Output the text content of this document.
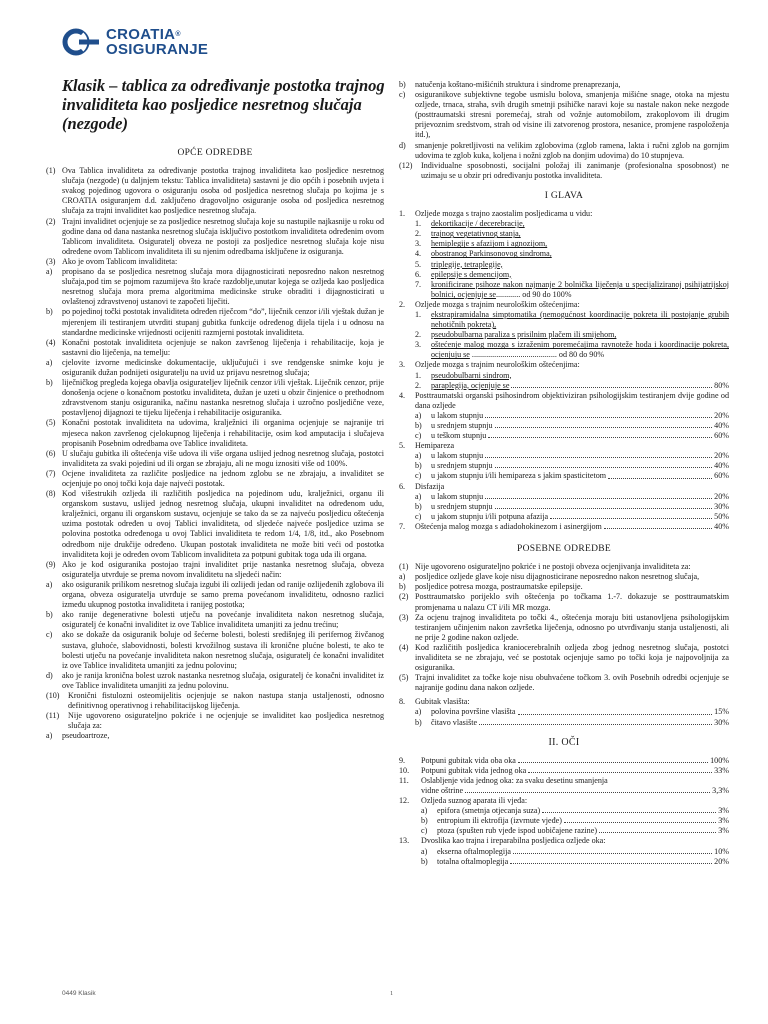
CROATIA®
OSIGURANJE
Klasik – tablica za određivanje postotka trajnog invaliditeta kao posljedice nesretnog slučaja (nezgode)
OPĆE ODREDBE
(1) Ova Tablica invaliditeta za određivanje postotka trajnog invaliditeta kao posljedice nesretnog slučaja (nezgode) (u daljnjem tekstu: Tablica invaliditeta) sastavni je dio općih i posebnih uvjeta i svakog pojedinog ugovora o osiguranju osoba od posljedica nesretnog slučaja po kojima je s CROATIA osiguranjem d.d. zaključeno dragovoljno osiguranje osoba od posljedica nesretnog slučaja za trajni invaliditet kao posljedice nesretnog slučaja.
(2) Trajni invaliditet ocjenjuje se za posljedice nesretnog slučaja koje su nastupile najkasnije u roku od godine dana od dana nastanka nesretnog slučaja isključivo postotkom invaliditeta određenim ovom Tablicom invaliditeta. Osiguratelj obveza ne postoji za posljedice nesretnog slučaja koje nisu određene ovom Tablicom invaliditeta ili su njenim odredbama isključene iz osiguranja.
(3) Ako je ovom Tablicom invaliditeta:
a)	propisano da se posljedica nesretnog slučaja mora dijagnosticirati neposredno nakon nesretnog slučaja,pod tim se pojmom razumijeva što kraće razdoblje,unutar kojega se ozljeda kao posljedica nesretnog slučaja mora prema algoritmima medicinske struke obraditi i dijagnosticirati u ovlaštenoj zdravstvenoj ustanovi te započeti liječiti.
b)	po pojedinoj točki postotak invaliditeta određen riječcom “do”, liječnik cenzor i/ili vještak dužan je mjerenjem ili testiranjem utvrditi stupanj gubitka funkcije određenog dijela tijela i u odnosu na standardne medicinske vrijednosti ocijeniti razmjerni postotak invaliditeta.
(4) Konačni postotak invaliditeta ocjenjuje se nakon završenog liječenja i rehabilitacije, koja je sastavni dio liječenja, na temelju:
a)	cjelovite izvorne medicinske dokumentacije, uključujući i sve rendgenske snimke koju je osiguranik dužan podnijeti osiguratelju na uvid uz prijavu nesretnog slučaja;
b)	liječničkog pregleda kojega obavlja osigurateljev liječnik cenzor i/ili vještak. Liječnik cenzor, prije donošenja ocjene o konačnom postotku invaliditeta, dužan je uzeti u obzir činjenice o prethodnom zdravstvenom stanju osiguranika, načinu nastanka nesretnog slučaja i uzročno posljedične veze, postavljenoj dijagnozi te tijeku liječenja i rehabilitacije osiguranika.
(5) Konačni postotak invaliditeta na udovima, kralježnici ili organima ocjenjuje se najranije tri mjeseca nakon završenog cjelokupnog liječenja i rehabilitacije, osim kod amputacija i slučajeva propisanih Posebnim odredbama ove Tablice invaliditeta.
(6) U slučaju gubitka ili oštećenja više udova ili više organa uslijed jednog nesretnog slučaja, postotci invaliditeta za svaki pojedini ud ili organ se zbrajaju, ali ne mogu iznositi više od 100%.
(7) Ocjene invaliditeta za različite posljedice na jednom zglobu se ne zbrajaju, a invaliditet se ocjenjuje po onoj točki koja daje najveći postotak.
(8) Kod višestrukih ozljeda ili različitih posljedica na pojedinom udu, kralježnici, organu ili organskom sustavu, uslijed jednog nesretnog slučaja, ukupni invaliditet na određenom udu, kralježnici, organu ili organskom sustavu, ocjenjuje se tako da se za najveću posljedicu oštećenja uzima postotak određen u ovoj Tablici invaliditeta, od sljedeće najveće posljedice uzima se polovina postotka određenoga u ovoj Tablici invaliditeta te redom 1/4, 1/8, itd., ako Posebnom odredbom nije drukčije određeno. Ukupan postotak invaliditeta ne može biti veći od postotka invaliditeta koji je određen ovom Tablicom invaliditeta za potpuni gubitak toga uda ili organa.
(9) Ako je kod osiguranika postojao trajni invaliditet prije nastanka nesretnog slučaja, obveza osiguratelja utvrđuje se prema novom invaliditetu na sljedeći način:
a)	ako osiguranik prilikom nesretnog slučaja izgubi ili ozlijedi jedan od ranije ozlijeđenih zglobova ili organa, obveza osiguratelja utvrđuje se samo prema povećanom invaliditetu, odnosno razlici između ukupnog postotka invaliditeta i ranijeg postotka;
b)	ako ranije degenerativne bolesti utječu na povećanje invaliditeta nakon nesretnog slučaja, osiguratelj će konačni invaliditet iz ove Tablice invaliditeta umanjiti za jednu trećinu;
c)	ako se dokaže da osiguranik boluje od šećerne bolesti, bolesti središnjeg ili perifernog živčanog sustava, gluhoće, slabovidnosti, bolesti krvožilnog sustava ili kronične plućne bolesti, te ako te bolesti utječu na povećanje invaliditeta nakon nesretnog slučaja, osiguratelj će konačni invaliditet iz ove Tablice invaliditeta umanjiti za jednu polovinu;
d)	ako je ranija kronična bolest uzrok nastanka nesretnog slučaja, osiguratelj će konačni invaliditet iz ove Tablice invaliditeta umanjiti za jednu polovinu.
(10)	Kronični fistulozni osteomijelitis ocjenjuje se nakon nastupa stanja ustaljenosti, odnosno definitivnog operativnog i rehabilitacijskog liječenja.
(11)	Nije ugovoreno osigurateljno pokriće i ne ocjenjuje se invaliditet kao posljedica nesretnog slučaja za:
a)	pseudoartroze,
b)	natučenja koštano-mišićnih struktura i sindrome prenaprezanja,
c)	osiguranikove subjektivne tegobe usmislu bolova, smanjenja mišićne snage, otoka na mjestu ozljede, trnaca, straha, svih drugih smetnji psihičke naravi koje su nastale nakon neke nezgode (posttraumatski stresni poremećaj, strah od vožnje automobilom, zrakoplovom ili drugim prijevoznim sredstvom, strah od visine ili zatvorenog prostora, nesanice, promjene raspoloženja itd.),
d)	smanjenje pokretljivosti na velikim zglobovima (zglob ramena, lakta i ručni zglob na gornjim udovima te zglob kuka, koljena i nožni zglob na donjim udovima) do 10 stupnjeva.
(12)	Individualne sposobnosti, socijalni položaj ili zanimanje (profesionalna sposobnost) ne uzimaju se u obzir pri određivanju postotka invaliditeta.
I GLAVA
1.	Ozljede mozga s trajno zaostalim posljedicama u vidu:
1.	dekortikacije / decerebracije,
2.	trajnog vegetativnog stanja,
3.	hemiplegije s afazijom i agnozijom,
4.	obostranog Parkinsonovog sindroma,
5.	triplegije, tetraplegije,
6.	epilepsije s demencijom,
7.	kronificirane psihoze nakon najmanje 2 bolnička liječenja u specijaliziranoj psihijatrijskoj bolnici, ocjenjuje se............ od 90 do 100%
2.	Ozljede mozga s trajnim neurološkim oštećenjima:
1.	ekstrapiramidalna simptomatika (nemogućnost koordinacije pokreta ili postojanje grubih nehotičnih pokreta),
2.	pseudobulbarna paraliza s prisilnim plačem ili smijehom,
3.	oštećenje malog mozga s izraženim poremećajima ravnoteže hoda i koordinacije pokreta, ocjenjuju se .......................................... od 80 do 90%
3.	Ozljede mozga s trajnim neurološkim oštećenjima:
1.	pseudobulbarni sindrom,
2.	paraplegija, ocjenjuje se	80%
4.	Posttraumatski organski psihosindrom objektiviziran psihologijskim testiranjem dvije godine od dana ozljede
a)	u lakom stupnju	20%
b)	u srednjem stupnju	40%
c)	u teškom stupnju	60%
5.	Hemipareza
a)	u lakom stupnju	20%
b)	u srednjem stupnju	40%
c)	u jakom stupnju i/ili hemipareza s jakim spasticitetom	60%
6.	Disfazija
a)	u lakom stupnju	20%
b)	u srednjem stupnju	30%
c)	u jakom stupnju i/ili potpuna afazija	50%
7.	Oštećenja malog mozga s adiadohokinezom i asinergijom	40%
POSEBNE ODREDBE
(1) Nije ugovoreno osigurateljno pokriće i ne postoji obveza ocjenjivanja invaliditeta za:
a)	posljedice ozljede glave koje nisu dijagnosticirane neposredno nakon nesretnog slučaja,
b)	posljedice potresa mozga, postraumatske epilepsije.
(2) Posttraumatsko porijeklo svih oštećenja po točkama 1.-7. dokazuje se posttraumatskim promjenama u nalazu CT i/ili MR mozga.
(3) Za ocjenu trajnog invaliditeta po točki 4., oštećenja moraju biti ustanovljena psihologijskim testiranjem učinjenim nakon završetka liječenja, odnosno po utvrđivanju stanja ustaljenosti, ali ne prije 2 godine nakon ozljede.
(4) Kod različitih posljedica kraniocerebralnih ozljeda zbog jednog nesretnog slučaja, postotci invaliditeta se ne zbrajaju, već se postotak ocjenjuje samo po točki koja je najpovoljnija za osiguranika.
(5) Trajni invaliditet za točke koje nisu obuhvaćene točkom 3. ovih Posebnih odredbi ocjenjuje se najranije godinu dana nakon ozljede.
8.	Gubitak vlasišta:
a)	polovina površine vlasišta	15%
b)	čitavo vlasište	30%
II. OČI
9.	Potpuni gubitak vida oba oka	100%
10.	Potpuni gubitak vida jednog oka	33%
11.	Oslabljenje vida jednog oka: za svaku desetinu smanjenja
vidne oštrine	3,3%
12.	Ozljeda suznog aparata ili vjeđa:
a)	epifora (smetnja otjecanja suza)	3%
b)	entropium ili ektrofija (izvrnute vjeđe)	3%
c)	ptoza (spušten rub vjeđe ispod uobičajene razine)	3%
13.	Dvoslika kao trajna i ireparabilna posljedica ozljede oka:
a)	ekserna oftalmoplegija	10%
b)	totalna oftalmoplegija	20%
0449 Klasik	1
